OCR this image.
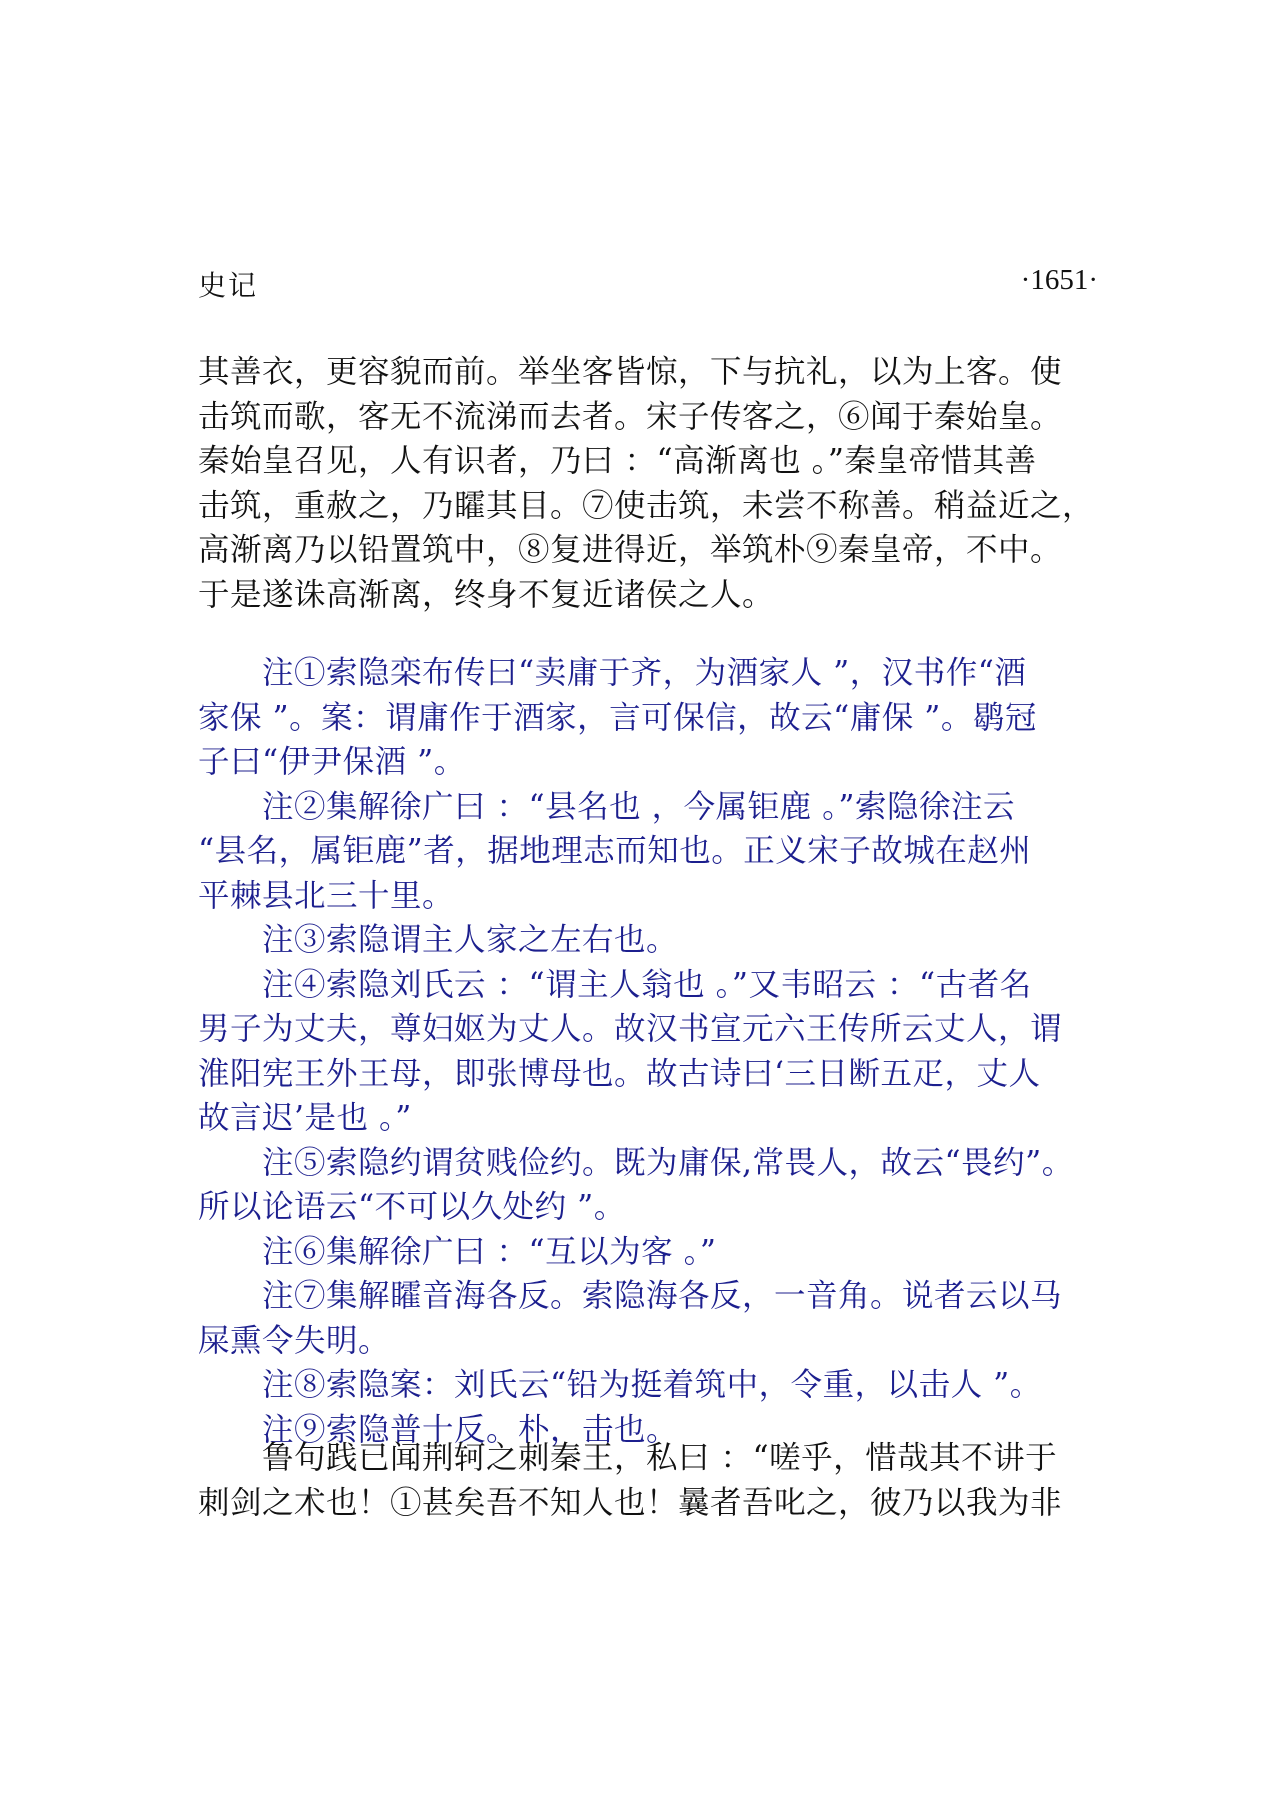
史记	·1651·
其善衣，更容貌而前。举坐客皆惊，下与抗礼，以为上客。使
击筑而歌，客无不流涕而去者。宋子传客之，⑥闻于秦始皇。
秦始皇召见，人有识者，乃曰 ：“高渐离也 。”秦皇帝惜其善
击筑，重赦之，乃矐其目。⑦使击筑，未尝不称善。稍益近之，
高渐离乃以铅置筑中，⑧复进得近，举筑朴⑨秦皇帝，不中。
于是遂诛高渐离，终身不复近诸侯之人。
　　注①索隐栾布传曰“卖庸于齐，为酒家人 ”，汉书作“酒
家保 ”。案：谓庸作于酒家，言可保信，故云“庸保 ”。鹖冠
子曰“伊尹保酒 ”。
　　注②集解徐广曰 ：“县名也 ，今属钜鹿 。”索隐徐注云
“县名，属钜鹿”者，据地理志而知也。正义宋子故城在赵州
平棘县北三十里。
　　注③索隐谓主人家之左右也。
　　注④索隐刘氏云 ：“谓主人翁也 。”又韦昭云 ：“古者名
男子为丈夫，尊妇妪为丈人。故汉书宣元六王传所云丈人，谓
淮阳宪王外王母，即张博母也。故古诗曰‘三日断五疋，丈人
故言迟’是也 。”
　　注⑤索隐约谓贫贱俭约。既为庸保,常畏人，故云“畏约”。
所以论语云“不可以久处约 ”。
　　注⑥集解徐广曰 ：“互以为客 。”
　　注⑦集解矐音海各反。索隐海各反，一音角。说者云以马
屎熏令失明。
　　注⑧索隐案：刘氏云“铅为挺着筑中，令重，以击人 ”。
　　注⑨索隐普十反。朴，击也。
　　鲁句践已闻荆轲之刺秦王，私曰 ：“嗟乎，惜哉其不讲于
刺剑之术也！①甚矣吾不知人也！曩者吾叱之，彼乃以我为非
